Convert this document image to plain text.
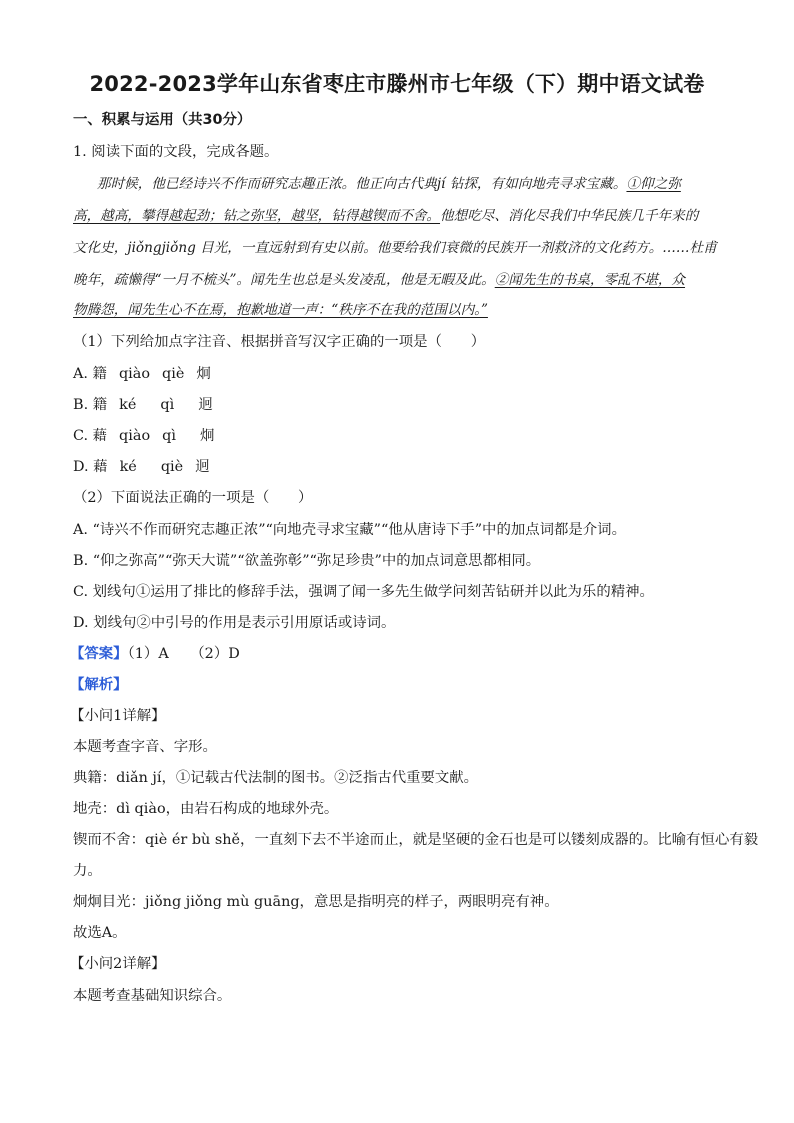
2022-2023学年山东省枣庄市滕州市七年级（下）期中语文试卷
一、积累与运用（共30分）
1. 阅读下面的文段，完成各题。
那时候，他已经诗兴不作而研究志趣正浓。他正向古代典jí 钻探，有如向地壳寻求宝藏。①仰之弥
高，越高，攀得越起劲；钻之弥坚，越坚，钻得越锲而不舍。他想吃尽、消化尽我们中华民族几千年来的
文化史，jiǒngjiǒng 目光，一直远射到有史以前。他要给我们衰微的民族开一剂救济的文化药方。……杜甫
晚年，疏懒得“一月不梳头”。闻先生也总是头发凌乱，他是无暇及此。②闻先生的书桌，零乱不堪，众
物腾怨，闻先生心不在焉，抱歉地道一声：“秩序不在我的范围以内。”
（1）下列给加点字注音、根据拼音写汉字正确的一项是（　　）
A. 籍 qiào qiè 炯
B. 籍 ké qì 迥
C. 藉 qiào qì 炯
D. 藉 ké qiè 迥
（2）下面说法正确的一项是（　　）
A. “诗兴不作而研究志趣正浓”“向地壳寻求宝藏”“他从唐诗下手”中的加点词都是介词。
B. “仰之弥高”“弥天大谎”“欲盖弥彰”“弥足珍贵”中的加点词意思都相同。
C. 划线句①运用了排比的修辞手法，强调了闻一多先生做学问刻苦钻研并以此为乐的精神。
D. 划线句②中引号的作用是表示引用原话或诗词。
【答案】（1）A　　（2）D
【解析】
【小问1详解】
本题考查字音、字形。
典籍：diǎn jí，①记载古代法制的图书。②泛指古代重要文献。
地壳：dì qiào，由岩石构成的地球外壳。
锲而不舍：qiè ér bù shě，一直刻下去不半途而止，就是坚硬的金石也是可以镂刻成器的。比喻有恒心有毅
力。
炯炯目光：jiǒng jiǒng mù guāng，意思是指明亮的样子，两眼明亮有神。
故选A。
【小问2详解】
本题考查基础知识综合。
